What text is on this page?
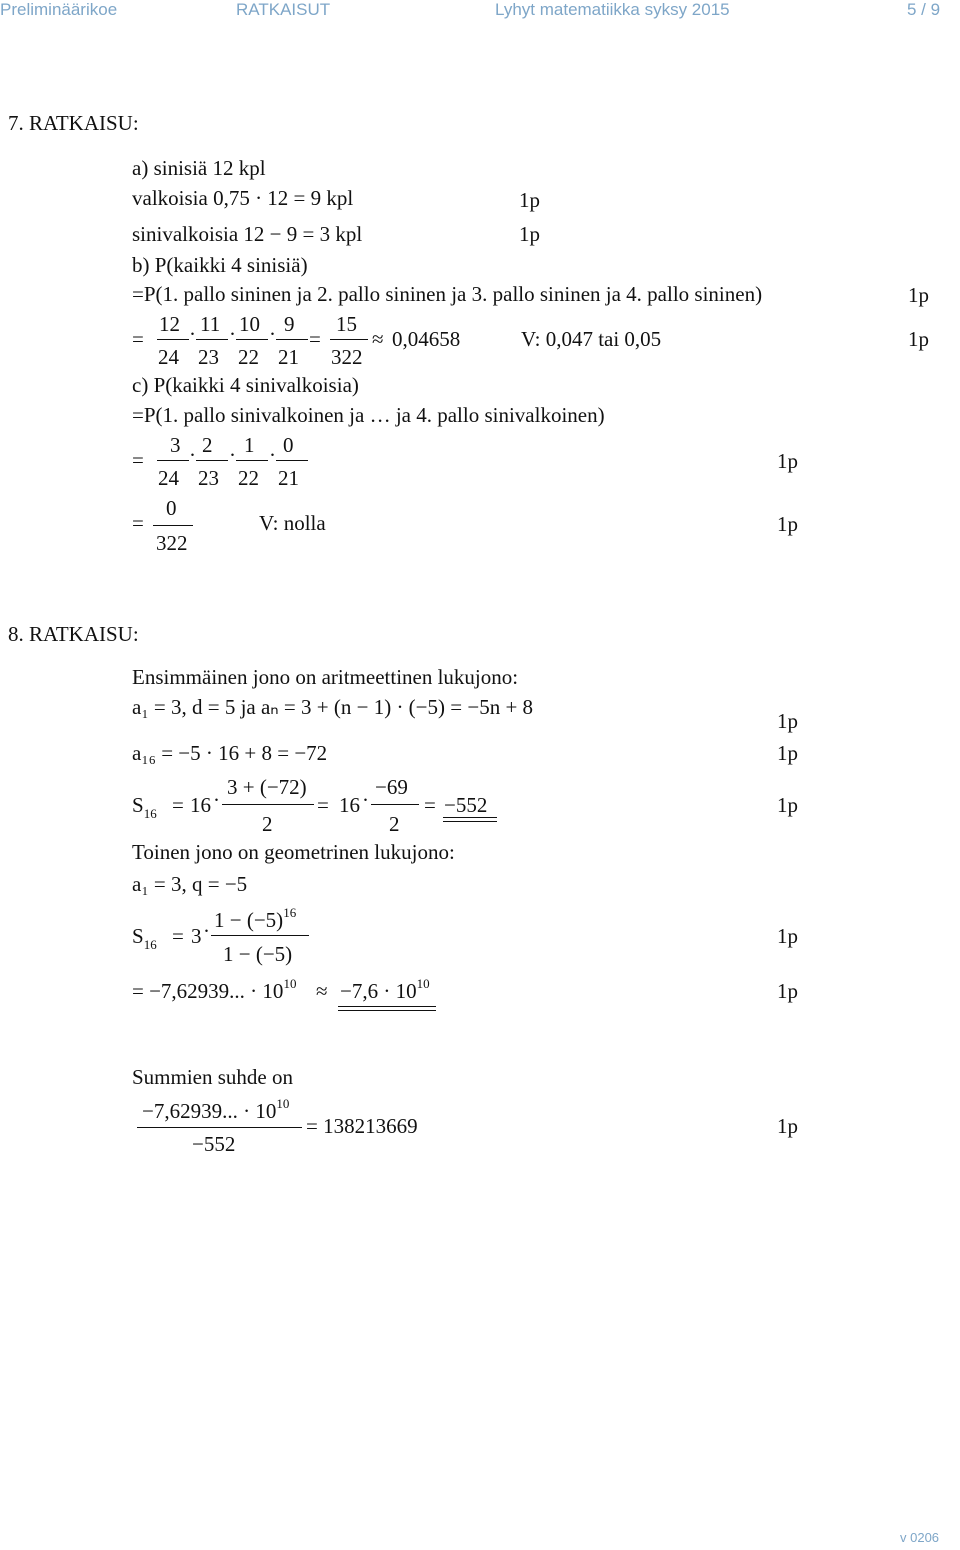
Preliminäärikoe	RATKAISUT	Lyhyt matematiikka syksy 2015	5 / 9
7. RATKAISU:
a) sinisiä 12 kpl
valkoisia 0,75 · 12 = 9 kpl	1p
sinivalkoisia 12 − 9 = 3 kpl	1p
b) P(kaikki 4 sinisiä)
=P(1. pallo sininen ja 2. pallo sininen ja 3. pallo sininen ja 4. pallo sininen)	1p
=
12
24
· 11
23
· 10
22
· 9
21
=
15
322
≈ 0,04658	V: 0,047 tai 0,05	1p
c) P(kaikki 4 sinivalkoisia)
=P(1. pallo sinivalkoinen ja … ja 4. pallo sinivalkoinen)
=
3
24
· 2
23
· 1
22
· 0
21
1p
=
0
322
V: nolla	1p
8. RATKAISU:
Ensimmäinen jono on aritmeettinen lukujono:
a₁ = 3, d = 5 ja aₙ = 3 + (n − 1) · (−5) = −5n + 8
1p
a₁₆ = −5 · 16 + 8 = −72	1p
$S_{16} = 16$ ·
3 + (−72)
2
= 16 ·
−69
2
= −552	1p
Toinen jono on geometrinen lukujono:
a₁ = 3, q = −5
$S_{16} = 3 \cdot 1 - (-5)^{16}$
1 − (−5)
1p
= −7,62939... · $10^{10} \approx -7,6 \cdot 10^{10}$	1p
Summien suhde on
−7,62939... · $10^{10}$
−552
= 138213669	1p
v 0206
